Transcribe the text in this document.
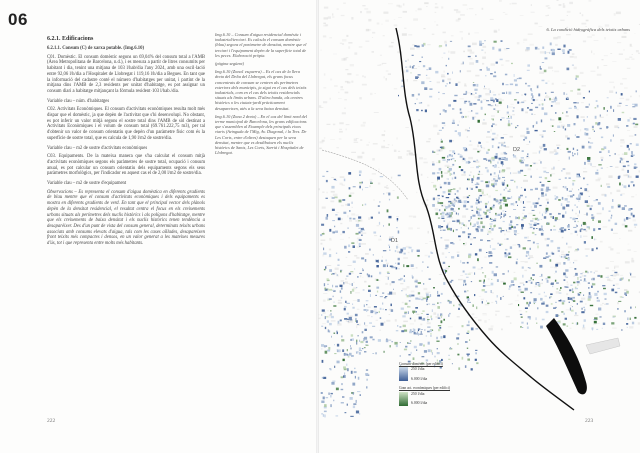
06
6.2.1. Edificacions

6.2.1.1. Consum (C) de xarxa potable. (Img.6.10)

C01. Domèstic. El consum domèstic segons un 69,04% del consum total a l'AMB (Àrea Metropolitana de Barcelona, n.d.), i es mesura a partir de litres consumits per habitant i dia, tenint una mitjana de 103 l/hab/dia l'any 2024, amb una oscil·lació entre 92,06 l/h/dia a l'Hospitalet de Llobregat i 119,16 l/h/dia a Begues. En tant que la informació del cadastre conté el número d'habitatges per unitat, i partint de la mitjana dins l'AMB de 2,3 residents per unitat d'habitatge, es pot assignar un consum diari a habitatge mitjançant la fórmula resident·103 l/hab./dia.

Variable clau – núm. d'habitatges

C02. Activitats Econòmiques. El consum d'activitats econòmiques resulta molt més dispar que el domèstic, ja que depèn de l'activitat que s'hi desenvolupi. No obstant, es pot inferir un valor mitjà segons el sostre total dins l'AMB de sòl destinat a Activitats Econòmiques i el volum de consum total (69.761.222,75 m3), per tal d'obtenir un valor de consum orientatiu que depèn d'un paràmetre físic com és la superfície de sostre total, que es calcula de 1,90 l/m2 de sostre/dia.

Variable clau – m2 de sostre d'activitats econòmiques

C03. Equipaments. De la mateixa manera que s'ha calculat el consum mitjà d'activitats econòmiques segons els paràmetres de sostre total, ocupació i consum anual, es pot calcular un consum orientatiu dels equipaments segons els seus paràmetres morfològics, per l'indicador en aquest cas el de 2,00 l/m2 de sostre/dia.

Variable clau – m2 de sostre d'equipament

Observacions – Es representa el consum d'aigua domèstica en diferents gradients de blau mentre que el consum d'activitats econòmiques i dels equipaments es mostra en diferents gradients de verd. En tant que el principal vector dels plànols depèn de la densitat residencial, el resultat centra el focus en els creixements urbans situats als perímetres dels nuclis històrics i als polígons d'habitatge, mentre que els creixements de baixa densitat i els nuclis històrics tenen tendència a desaparèixer. Des d'un punt de vista del consum general, determinats teixits urbans associats amb consums elevats d'aigua, tals com les cases aïllades, desapareixen front teixits més compactes i densos, en un valor generat a les mateixes mesures d'ús, tot i que representa entre molts més habitants.

Img.6.10 – Consum d'aigua residencial domèstic i industrial/terciari. Es calcula el consum domèstic (blau) segons el paràmetre de densitat, mentre que el terciari i l'equipament depèn de la superfície total de les peces. Elaboració pròpia.

(pàgina següent)

Img.6.10 (Zona1 esquerra) – Es el cas de la llera dreta del Delta del Llobregat, els grans focus concentrats de consum se centren als perímetres exteriors dels municipis, ja sigui en el cas dels teixits industrials, com en el cas dels teixits residencials situats als límits urbans. D'altra banda, als centres històrics o les ciutats-jardí pràcticament desapareixen, atès a la seva baixa densitat.

Img.6.10 (Zona 2 dreta) – En el cas del límit nord del terme municipal de Barcelona, les grans edificacions que s'assemblen al Eixample dels principals eixos viaris (Avinguda de l'Mig, Av. Diagonal, i la Tres. De Les Corts, entre d'altres) destaquen per la seva densitat, mentre que es desdibuixen els nuclis històrics de Sants, Les Corts, Sarrià i Hospitalet de Llobregat.

222
6. La condició hidrogràfica dels teixits urbans
D1
D2
Consum domèstic (per edifici)
250 l/dia
6.000 l/dia
Gran act. econòmiques (per edifici)
250 l/dia
6.000 l/dia
223
